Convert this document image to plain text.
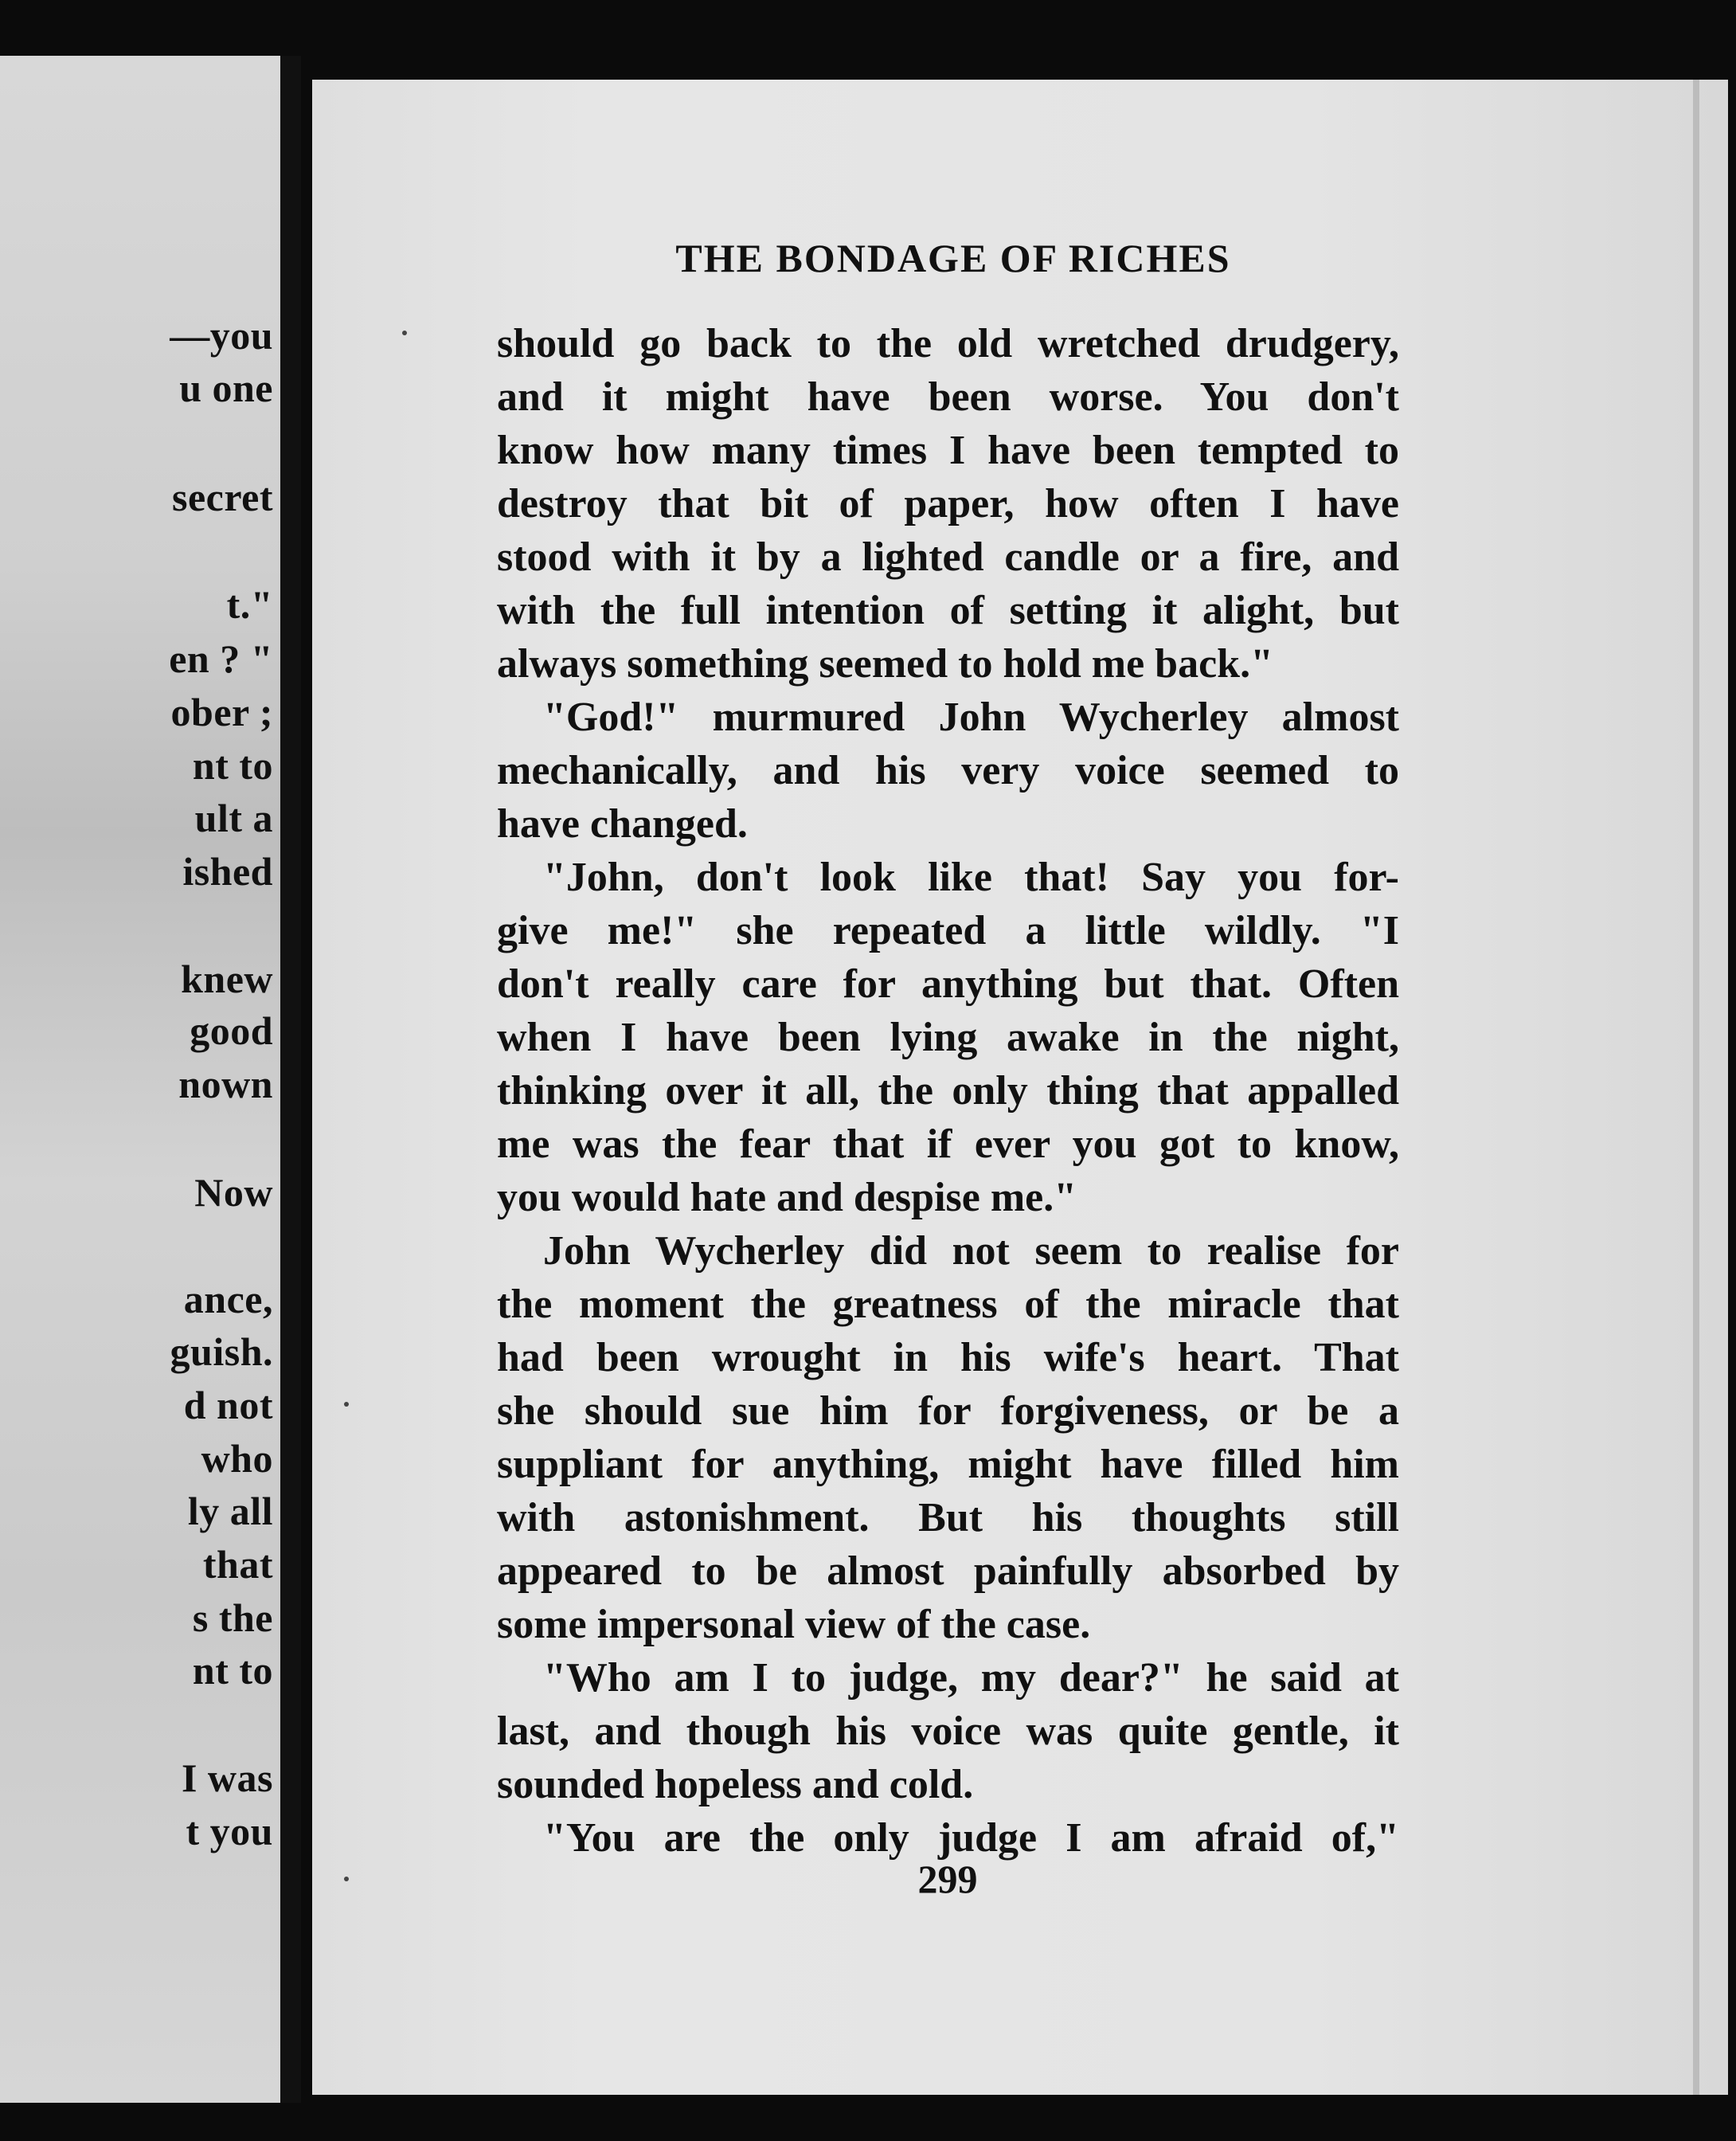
—you
u one
secret
t."
en ? "
ober ;
nt to
ult a
ished
knew
good
nown
Now
ance,
guish.
d not
who
ly all
that
s the
nt to
I was
t you
THE BONDAGE OF RICHES
should go back to the old wretched drudgery,
and it might have been worse. You don't
know how many times I have been tempted to
destroy that bit of paper, how often I have
stood with it by a lighted candle or a fire, and
with the full intention of setting it alight, but
always something seemed to hold me back."
"God!" murmured John Wycherley almost
mechanically, and his very voice seemed to
have changed.
"John, don't look like that! Say you for-
give me!" she repeated a little wildly. "I
don't really care for anything but that. Often
when I have been lying awake in the night,
thinking over it all, the only thing that appalled
me was the fear that if ever you got to know,
you would hate and despise me."
John Wycherley did not seem to realise for
the moment the greatness of the miracle that
had been wrought in his wife's heart. That
she should sue him for forgiveness, or be a
suppliant for anything, might have filled him
with astonishment. But his thoughts still
appeared to be almost painfully absorbed by
some impersonal view of the case.
"Who am I to judge, my dear?" he said at
last, and though his voice was quite gentle, it
sounded hopeless and cold.
"You are the only judge I am afraid of,"
299
